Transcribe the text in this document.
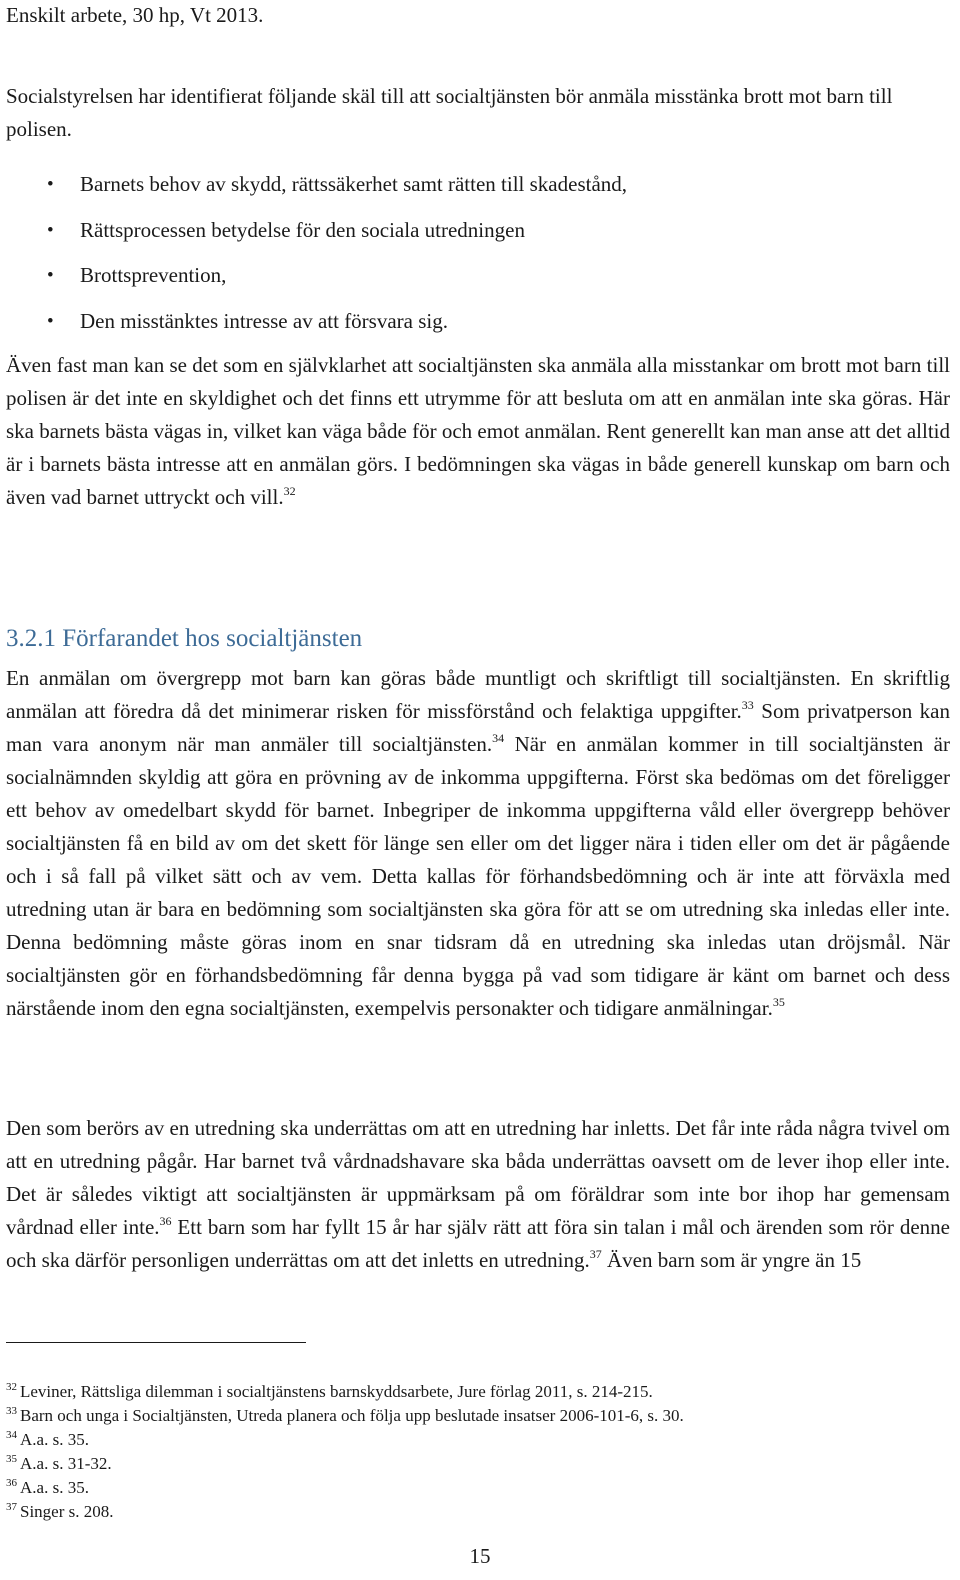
Enskilt arbete, 30 hp, Vt 2013.
Socialstyrelsen har identifierat följande skäl till att socialtjänsten bör anmäla misstänka brott mot barn till polisen.
• Barnets behov av skydd, rättssäkerhet samt rätten till skadestånd,
• Rättsprocessen betydelse för den sociala utredningen
• Brottsprevention,
• Den misstänktes intresse av att försvara sig.

Även fast man kan se det som en självklarhet att socialtjänsten ska anmäla alla misstankar om brott mot barn till polisen är det inte en skyldighet och det finns ett utrymme för att besluta om att en anmälan inte ska göras. Här ska barnets bästa vägas in, vilket kan väga både för och emot anmälan. Rent generellt kan man anse att det alltid är i barnets bästa intresse att en anmälan görs. I bedömningen ska vägas in både generell kunskap om barn och även vad barnet uttryckt och vill.$^{32}$

3.2.1 Förfarandet hos socialtjänsten

En anmälan om övergrepp mot barn kan göras både muntligt och skriftligt till socialtjänsten. En skriftlig anmälan att föredra då det minimerar risken för missförstånd och felaktiga uppgifter.$^{33}$ Som privatperson kan man vara anonym när man anmäler till socialtjänsten.$^{34}$ När en anmälan kommer in till socialtjänsten är socialnämnden skyldig att göra en prövning av de inkomma uppgifterna. Först ska bedömas om det föreligger ett behov av omedelbart skydd för barnet. Inbegriper de inkomma uppgifterna våld eller övergrepp behöver socialtjänsten få en bild av om det skett för länge sen eller om det ligger nära i tiden eller om det är pågående och i så fall på vilket sätt och av vem. Detta kallas för förhandsbedömning och är inte att förväxla med utredning utan är bara en bedömning som socialtjänsten ska göra för att se om utredning ska inledas eller inte. Denna bedömning måste göras inom en snar tidsram då en utredning ska inledas utan dröjsmål. När socialtjänsten gör en förhandsbedömning får denna bygga på vad som tidigare är känt om barnet och dess närstående inom den egna socialtjänsten, exempelvis personakter och tidigare anmälningar.$^{35}$

Den som berörs av en utredning ska underrättas om att en utredning har inletts. Det får inte råda några tvivel om att en utredning pågår. Har barnet två vårdnadshavare ska båda underrättas oavsett om de lever ihop eller inte. Det är således viktigt att socialtjänsten är uppmärksam på om föräldrar som inte bor ihop har gemensam vårdnad eller inte.$^{36}$ Ett barn som har fyllt 15 år har själv rätt att föra sin talan i mål och ärenden som rör denne och ska därför personligen underrättas om att det inletts en utredning.$^{37}$ Även barn som är yngre än 15

$^{32}$ Leviner, Rättsliga dilemman i socialtjänstens barnskyddsarbete, Jure förlag 2011, s. 214-215.
$^{33}$ Barn och unga i Socialtjänsten, Utreda planera och följa upp beslutade insatser 2006-101-6, s. 30.
$^{34}$ A.a. s. 35.
$^{35}$ A.a. s. 31-32.
$^{36}$ A.a. s. 35.
$^{37}$ Singer s. 208.
15
